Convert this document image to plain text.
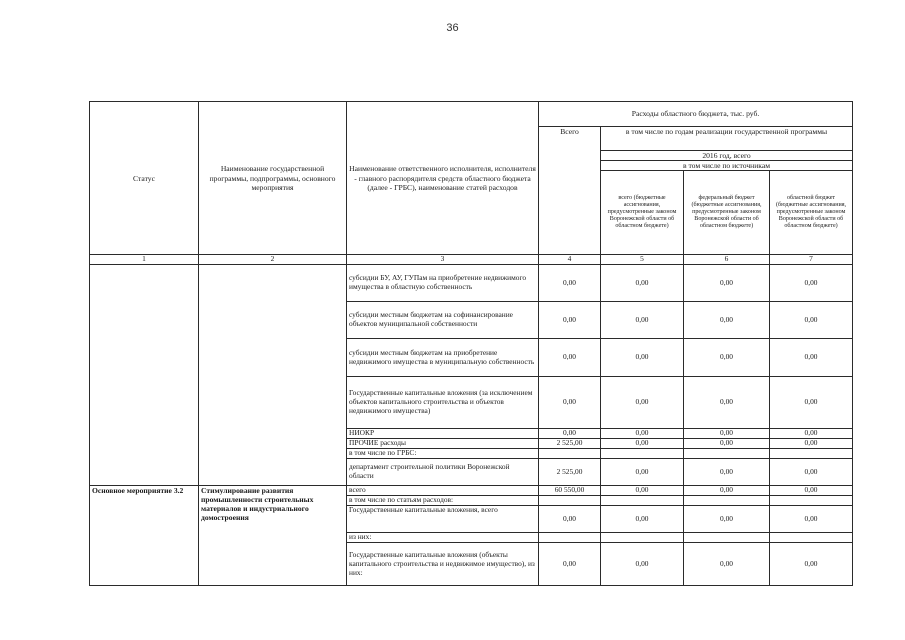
36
Статус	Наименование государственной программы, подпрограммы, основного мероприятия	Наименование ответственного исполнителя, исполнителя - главного распорядителя средств областного бюджета (далее - ГРБС), наименование статей расходов	Расходы областного бюджета, тыс. руб.			
			Всего	в том числе по годам реализации государственной программы		
				2016 год, всего		
				в том числе по источникам		
				всего (бюджетные ассигнования, предусмотренные законом Воронежской области об областном бюджете)	федеральный бюджет (бюджетные ассигнования, предусмотренные законом Воронежской области об областном бюджете)	областной бюджет (бюджетные ассигнования, предусмотренные законом Воронежской области об областном бюджете)
1	2	3	4	5	6	7
		субсидии БУ, АУ, ГУПам на приобретение недвижимого имущества в областную собственность	0,00	0,00	0,00	0,00
		субсидии местным бюджетам на софинансирование объектов муниципальной собственности	0,00	0,00	0,00	0,00
		субсидии местным бюджетам на приобретение недвижимого имущества в муниципальную собственность	0,00	0,00	0,00	0,00
		Государственные капитальные вложения (за исключением объектов капитального строительства и объектов недвижимого имущества)	0,00	0,00	0,00	0,00
		НИОКР	0,00	0,00	0,00	0,00
		ПРОЧИЕ расходы	2 525,00	0,00	0,00	0,00
		в том числе по ГРБС:				
		департамент строительной политики Воронежской области	2 525,00	0,00	0,00	0,00
Основное мероприятие 3.2	Стимулирование развития промышленности строительных материалов и индустриального домостроения	всего	60 550,00	0,00	0,00	0,00
		в том числе по статьям расходов:				
		Государственные капитальные вложения, всего	0,00	0,00	0,00	0,00
		из них:				
		Государственные капитальные вложения (объекты капитального строительства и недвижимое имущество), из них:	0,00	0,00	0,00	0,00
